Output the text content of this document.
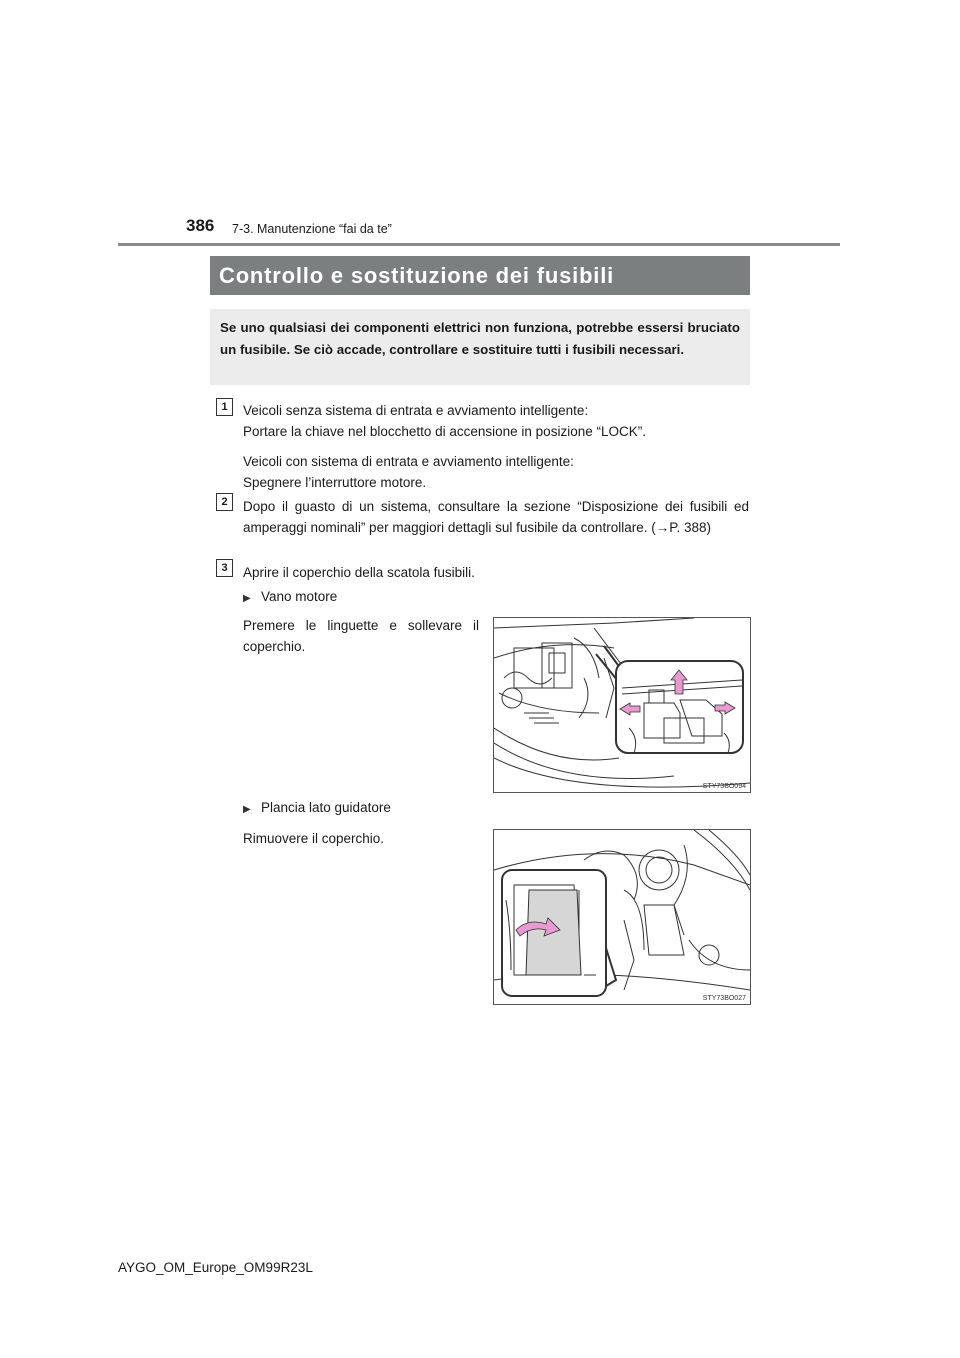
386 7-3. Manutenzione “fai da te”
Controllo e sostituzione dei fusibili
Se uno qualsiasi dei componenti elettrici non funziona, potrebbe essersi bruciato un fusibile. Se ciò accade, controllare e sostituire tutti i fusibili necessari.
1	Veicoli senza sistema di entrata e avviamento intelligente:
Portare la chiave nel blocchetto di accensione in posizione “LOCK”.
Veicoli con sistema di entrata e avviamento intelligente:
Spegnere l’interruttore motore.
2	Dopo il guasto di un sistema, consultare la sezione “Disposizione dei fusibili ed amperaggi nominali” per maggiori dettagli sul fusibile da controllare. (→P. 388)
3	Aprire il coperchio della scatola fusibili.
▶ Vano motore
Premere le linguette e sollevare il coperchio.
STY73BO094
▶ Plancia lato guidatore
Rimuovere il coperchio.
STY73BO027
AYGO_OM_Europe_OM99R23L
